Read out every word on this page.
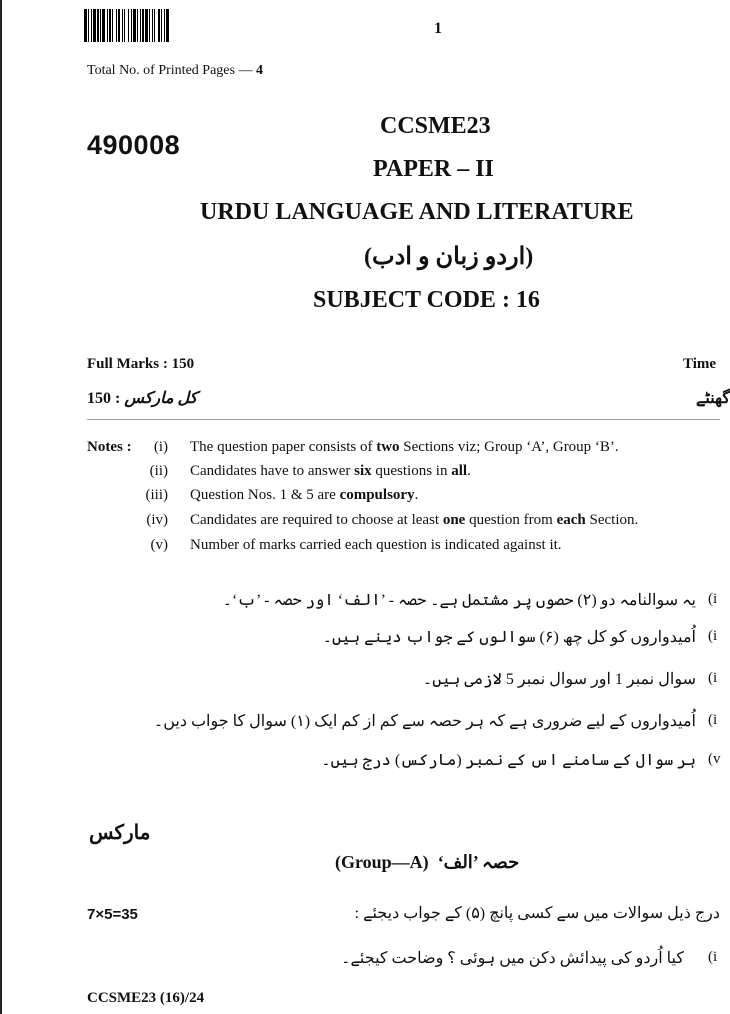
1
Total No. of Printed Pages — 4
490008
CCSME23
PAPER – II
URDU LANGUAGE AND LITERATURE
(اردو زبان و ادب)
SUBJECT CODE : 16
Full Marks : 150	Time
150 : کل مارکس	گھنٹے
Notes :	(i) The question paper consists of two Sections viz; Group ‘A’, Group ‘B’.
(ii) Candidates have to answer six questions in all.
(iii) Question Nos. 1 & 5 are compulsory.
(iv) Candidates are required to choose at least one question from each Section.
(v) Number of marks carried each question is indicated against it.
یہ سوالنامہ دو (۲) حصوں پر مشتمل ہے۔ حصہ - ’الف‘ اور حصہ - ’ب‘۔ (i
اُمیدواروں کو کل چھ (۶) سوالوں کے جواب دینے ہیں۔ (i
سوال نمبر 1 اور سوال نمبر 5 لازمی ہیں۔ (i
اُمیدواروں کے لیے ضروری ہے کہ ہر حصہ سے کم از کم ایک (۱) سوال کا جواب دیں۔ (i
ہر سوال کے سامنے اس کے نمبر (مارکس) درج ہیں۔ (v
مارکس
(Group—A) حصہ ’الف‘
7×5=35	درج ذیل سوالات میں سے کسی پانچ (۵) کے جواب دیجئے :
کیا اُردو کی پیدائش دکن میں ہوئی ؟ وضاحت کیجئے۔ (i
CCSME23 (16)/24
